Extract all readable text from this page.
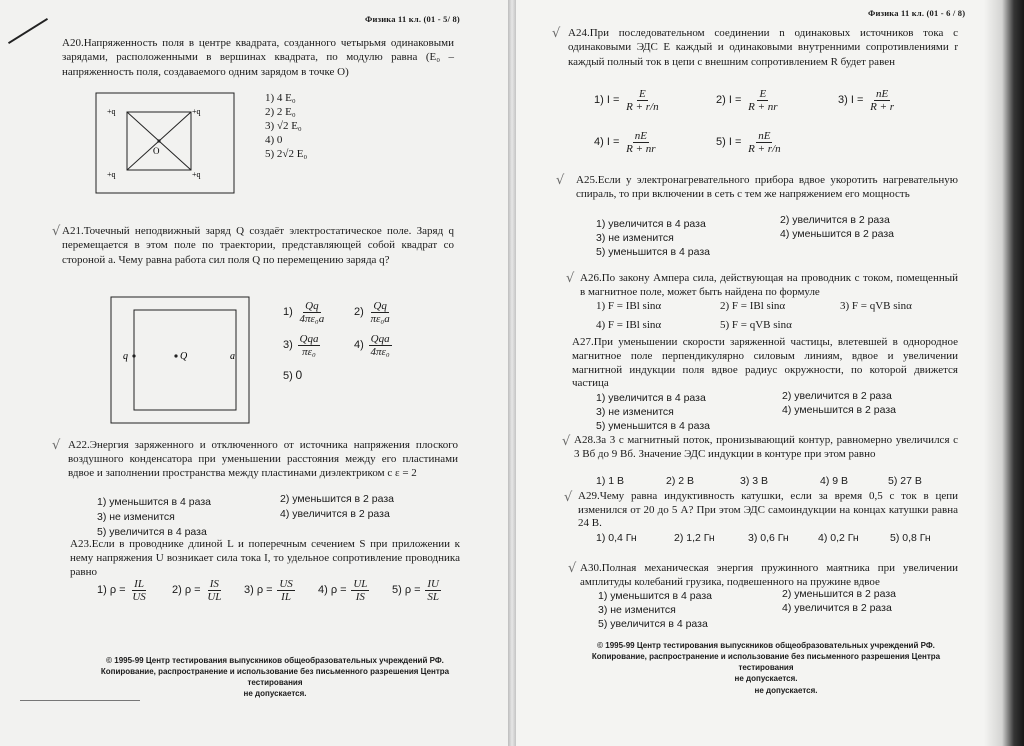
Физика 11 кл. (01 - 5/ 8)
A20.Напряженность поля в центре квадрата, созданного четырьмя одинаковыми зарядами, расположенными в вершинах квадрата, по модулю равна (E₀ – напряженность поля, создаваемого одним зарядом в точке O)
+q	+q
+q	+q
O
1) 4 E₀
2) 2 E₀
3) √2 E₀
4) 0
5) 2√2 E₀
√ A21.Точечный неподвижный заряд Q создаёт электростатическое поле. Заряд q перемещается в этом поле по траектории, представляющей собой квадрат со стороной a. Чему равна работа сил поля Q по перемещению заряда q?
q	Q	a
$1) \frac{Qq}{\text{4πε₀a}}$	$2) \frac{Qq}{\text{πε₀a}}$
$3) \frac{\text{Qqa}}{\text{πε₀}}$	$4) \frac{\text{Qqa}}{\text{4πε₀}}$
5) 0
√ A22.Энергия заряженного и отключенного от источника напряжения плоского воздушного конденсатора при уменьшении расстояния между его пластинами вдвое и заполнении пространства между пластинами диэлектриком с ε = 2
1) уменьшится в 4 раза	2) уменьшится в 2 раза
3) не изменится	4) увеличится в 2 раза
5) увеличится в 4 раза
A23.Если в проводнике длиной L и поперечным сечением S при приложении к нему напряжения U возникает сила тока I, то удельное сопротивление проводника равно
1) $\rho = \frac{IL}{US} 2$) $\rho = \frac{IS}{UL} 3$) $\rho = \frac{US}{IL} 4$) $\rho = \frac{UL}{IS} 5$) $\rho = \frac{IU}{SL}$
© 1995-99 Центр тестирования выпускников общеобразовательных учреждений РФ.
Копирование, распространение и использование без письменного разрешения Центра тестирования
не допускается.
Физика 11 кл. (01 - 6 / 8)
√ A24.При последовательном соединении n одинаковых источников тока с одинаковыми ЭДС E каждый и одинаковыми внутренними сопротивлениями r каждый полный ток в цепи с внешним сопротивлением R будет равен
1) $I = \frac{E}{R + r/n}$	2) $I = \frac{E}{R + nr}$	3) $I = \frac{nE}{R + r}$
4) $I = \frac{nE}{R + nr}$	5) $I = \frac{nE}{R + r/n}$
√ A25.Если у электронагревательного прибора вдвое укоротить нагревательную спираль, то при включении в сеть с тем же напряжением его мощность
1) увеличится в 4 раза	2) увеличится в 2 раза
3) не изменится	4) уменьшится в 2 раза
5) уменьшится в 4 раза
√ A26.По закону Ампера сила, действующая на проводник с током, помещенный в магнитное поле, может быть найдена по формуле
1) F = IBl sinα	2) F = IBl sinα	3) F = qVB sinα
4) F = IBl sinα	5) F = qVB sinα
A27.При уменьшении скорости заряженной частицы, влетевшей в однородное магнитное поле перпендикулярно силовым линиям, вдвое и увеличении магнитной индукции поля вдвое радиус окружности, по которой движется частица
1) увеличится в 4 раза	2) увеличится в 2 раза
3) не изменится	4) уменьшится в 2 раза
5) уменьшится в 4 раза
√ A28.За 3 с магнитный поток, пронизывающий контур, равномерно увеличился с 3 Вб до 9 Вб. Значение ЭДС индукции в контуре при этом равно
1) 1 В	2) 2 В	3) 3 В	4) 9 В	5) 27 В
√ A29.Чему равна индуктивность катушки, если за время 0,5 с ток в цепи изменился от 20 до 5 А? При этом ЭДС самоиндукции на концах катушки равна 24 В.
1) 0,4 Гн	2) 1,2 Гн	3) 0,6 Гн	4) 0,2 Гн	5) 0,8 Гн
√ A30.Полная механическая энергия пружинного маятника при увеличении амплитуды колебаний грузика, подвешенного на пружине вдвое
1) уменьшится в 4 раза	2) уменьшится в 2 раза
3) не изменится	4) увеличится в 2 раза
5) увеличится в 4 раза
© 1995-99 Центр тестирования выпускников общеобразовательных учреждений РФ.
Копирование, распространение и использование без письменного разрешения Центра тестирования
не допускается.
не допускается.
